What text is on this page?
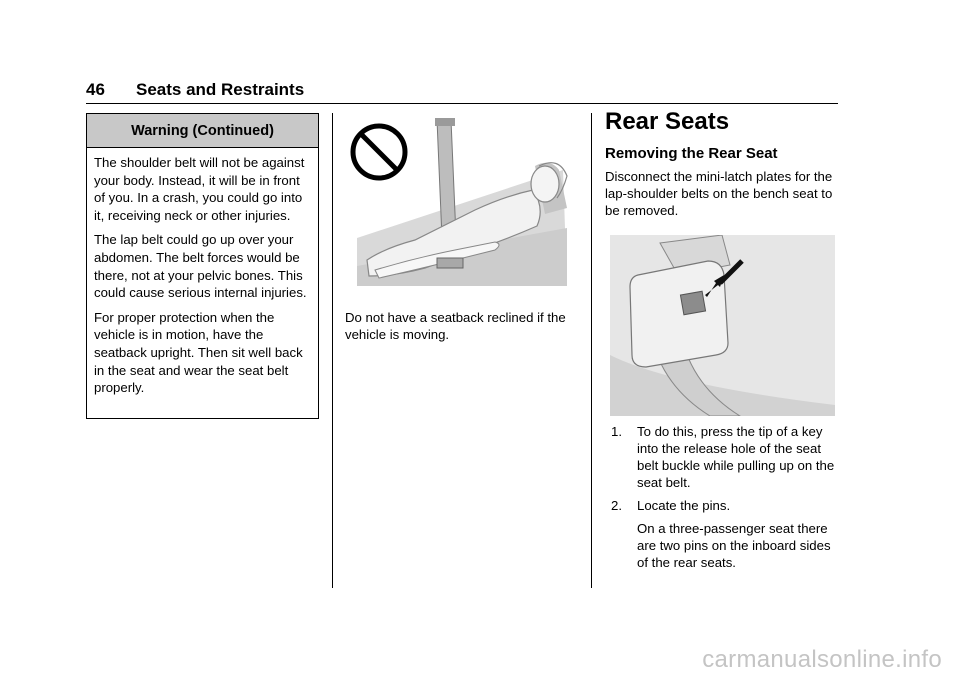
46 Seats and Restraints
Warning (Continued)

The shoulder belt will not be against your body. Instead, it will be in front of you. In a crash, you could go into it, receiving neck or other injuries.

The lap belt could go up over your abdomen. The belt forces would be there, not at your pelvic bones. This could cause serious internal injuries.

For proper protection when the vehicle is in motion, have the seatback upright. Then sit well back in the seat and wear the seat belt properly.

Do not have a seatback reclined if the vehicle is moving.
Rear Seats
Removing the Rear Seat
Disconnect the mini-latch plates for the lap-shoulder belts on the bench seat to be removed.
1. To do this, press the tip of a key into the release hole of the seat belt buckle while pulling up on the seat belt.
2. Locate the pins.
On a three-passenger seat there are two pins on the inboard sides of the rear seats.
carmanualsonline.info
